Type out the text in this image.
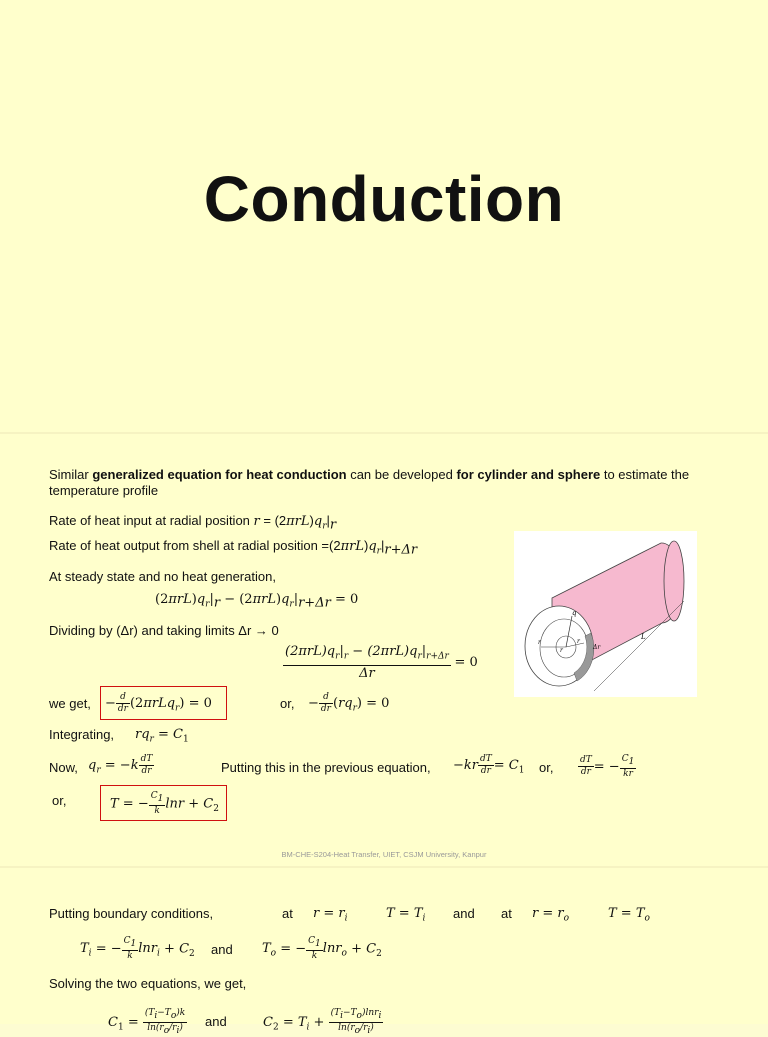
Conduction
Similar generalized equation for heat conduction can be developed for cylinder and sphere to estimate the
temperature profile
Rate of heat input at radial position $r = (2\pi rL)q_r|_r$
Rate of heat output from shell at radial position $=(2\pi rL)q_r|_{r+\Delta r}$
At steady state and no heat generation,
$(2\pi rL)q_r|_r - (2\pi rL)q_r|_{r+\Delta r} = 0$
Dividing by (Δr) and taking limits Δr → 0
$\frac{(2\pi rL)q_r|_r - (2\pi rL)q_r|_{r+\Delta r}}{\Delta r} = 0$
we get, − $\frac{d}{dr} (2\pi rLq_r) = 0$	or, − $\frac{d}{dr} (rq_r) = 0$
Integrating, $rq_r = C_1$
Now, $q_r = -k \frac{dT}{dr}$	Putting this in the previous equation, $-kr \frac{dT}{dr} = C_1$ or,	$\frac{dT}{dr}$ = − $\frac{C_1}{kr}$
or,	T = − $\frac{C_1}{k}$ $\ln r + C_2$
q
r
r
r	Δr
L
BM-CHE-S204-Heat Transfer, UIET, CSJM University, Kanpur
Putting boundary conditions,	at $r = r_i$	$T = T_i$ and at $r = r_o$	$T = T_o$
$T_i$ = − $\frac{C_1}{k} \ln r_i + C_2$ and $T_o$ = − $\frac{C_1}{k} \ln r_o + C_2$
Solving the two equations, we get,
$C_1 = \frac{(T_i-T_o)k}{\ln(r_o/r_i)}$ and	$C_2 = T_i + \frac{(T_i-T_o)\ln r_i}{\ln(r_o/r_i)}$
